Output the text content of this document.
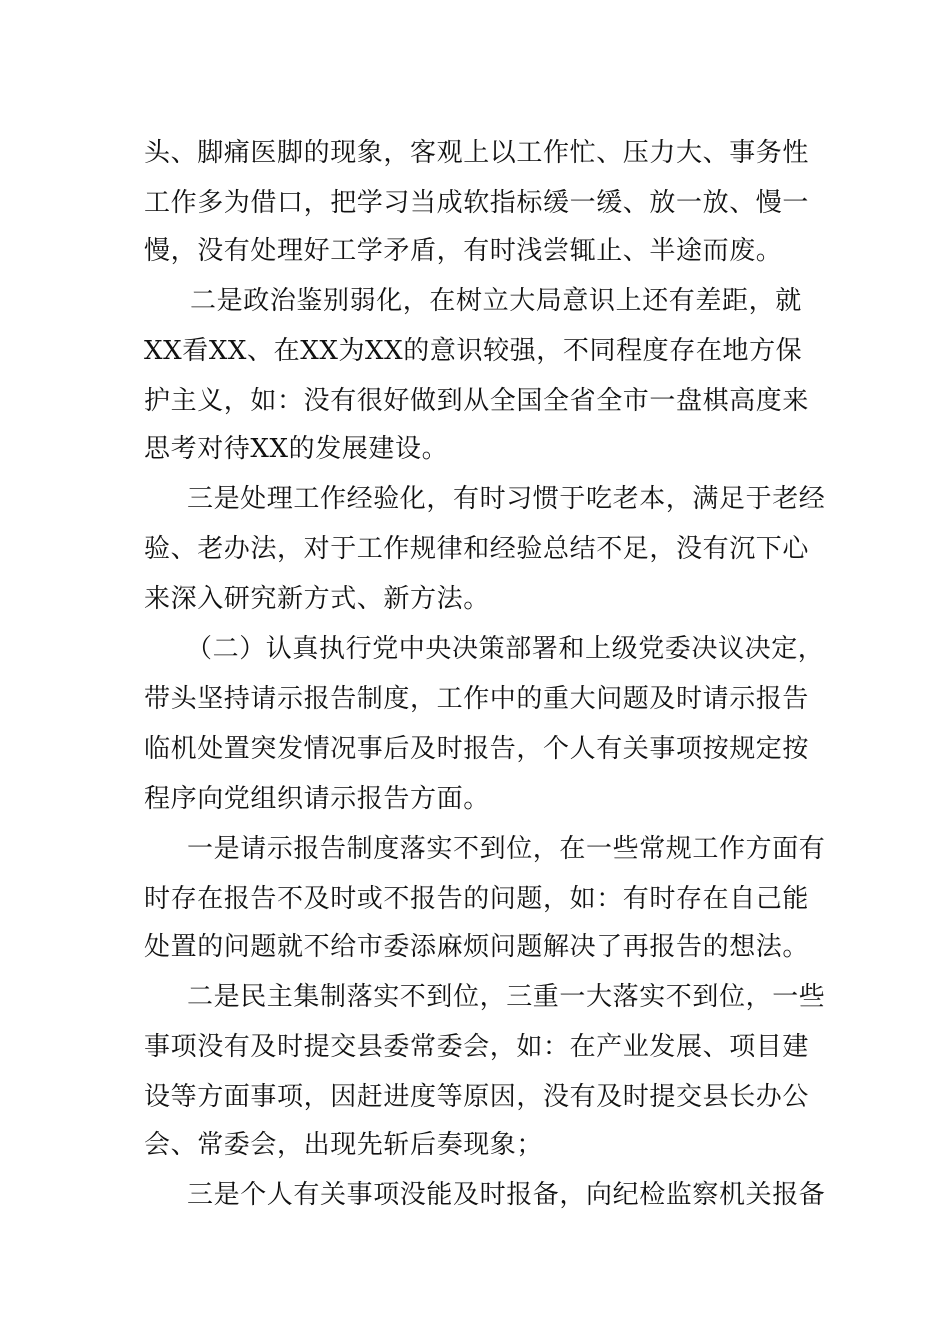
头、脚痛医脚的现象，客观上以工作忙、压力大、事务性
工作多为借口，把学习当成软指标缓一缓、放一放、慢一
慢，没有处理好工学矛盾，有时浅尝辄止、半途而废。
二是政治鉴别弱化，在树立大局意识上还有差距，就
XX看XX、在XX为XX的意识较强，不同程度存在地方保
护主义，如：没有很好做到从全国全省全市一盘棋高度来
思考对待XX的发展建设。
三是处理工作经验化，有时习惯于吃老本，满足于老经
验、老办法，对于工作规律和经验总结不足，没有沉下心
来深入研究新方式、新方法。
（二）认真执行党中央决策部署和上级党委决议决定，
带头坚持请示报告制度，工作中的重大问题及时请示报告
临机处置突发情况事后及时报告，个人有关事项按规定按
程序向党组织请示报告方面。
一是请示报告制度落实不到位，在一些常规工作方面有
时存在报告不及时或不报告的问题，如：有时存在自己能
处置的问题就不给市委添麻烦问题解决了再报告的想法。
二是民主集制落实不到位，三重一大落实不到位，一些
事项没有及时提交县委常委会，如：在产业发展、项目建
设等方面事项，因赶进度等原因，没有及时提交县长办公
会、常委会，出现先斩后奏现象；
三是个人有关事项没能及时报备，向纪检监察机关报备
